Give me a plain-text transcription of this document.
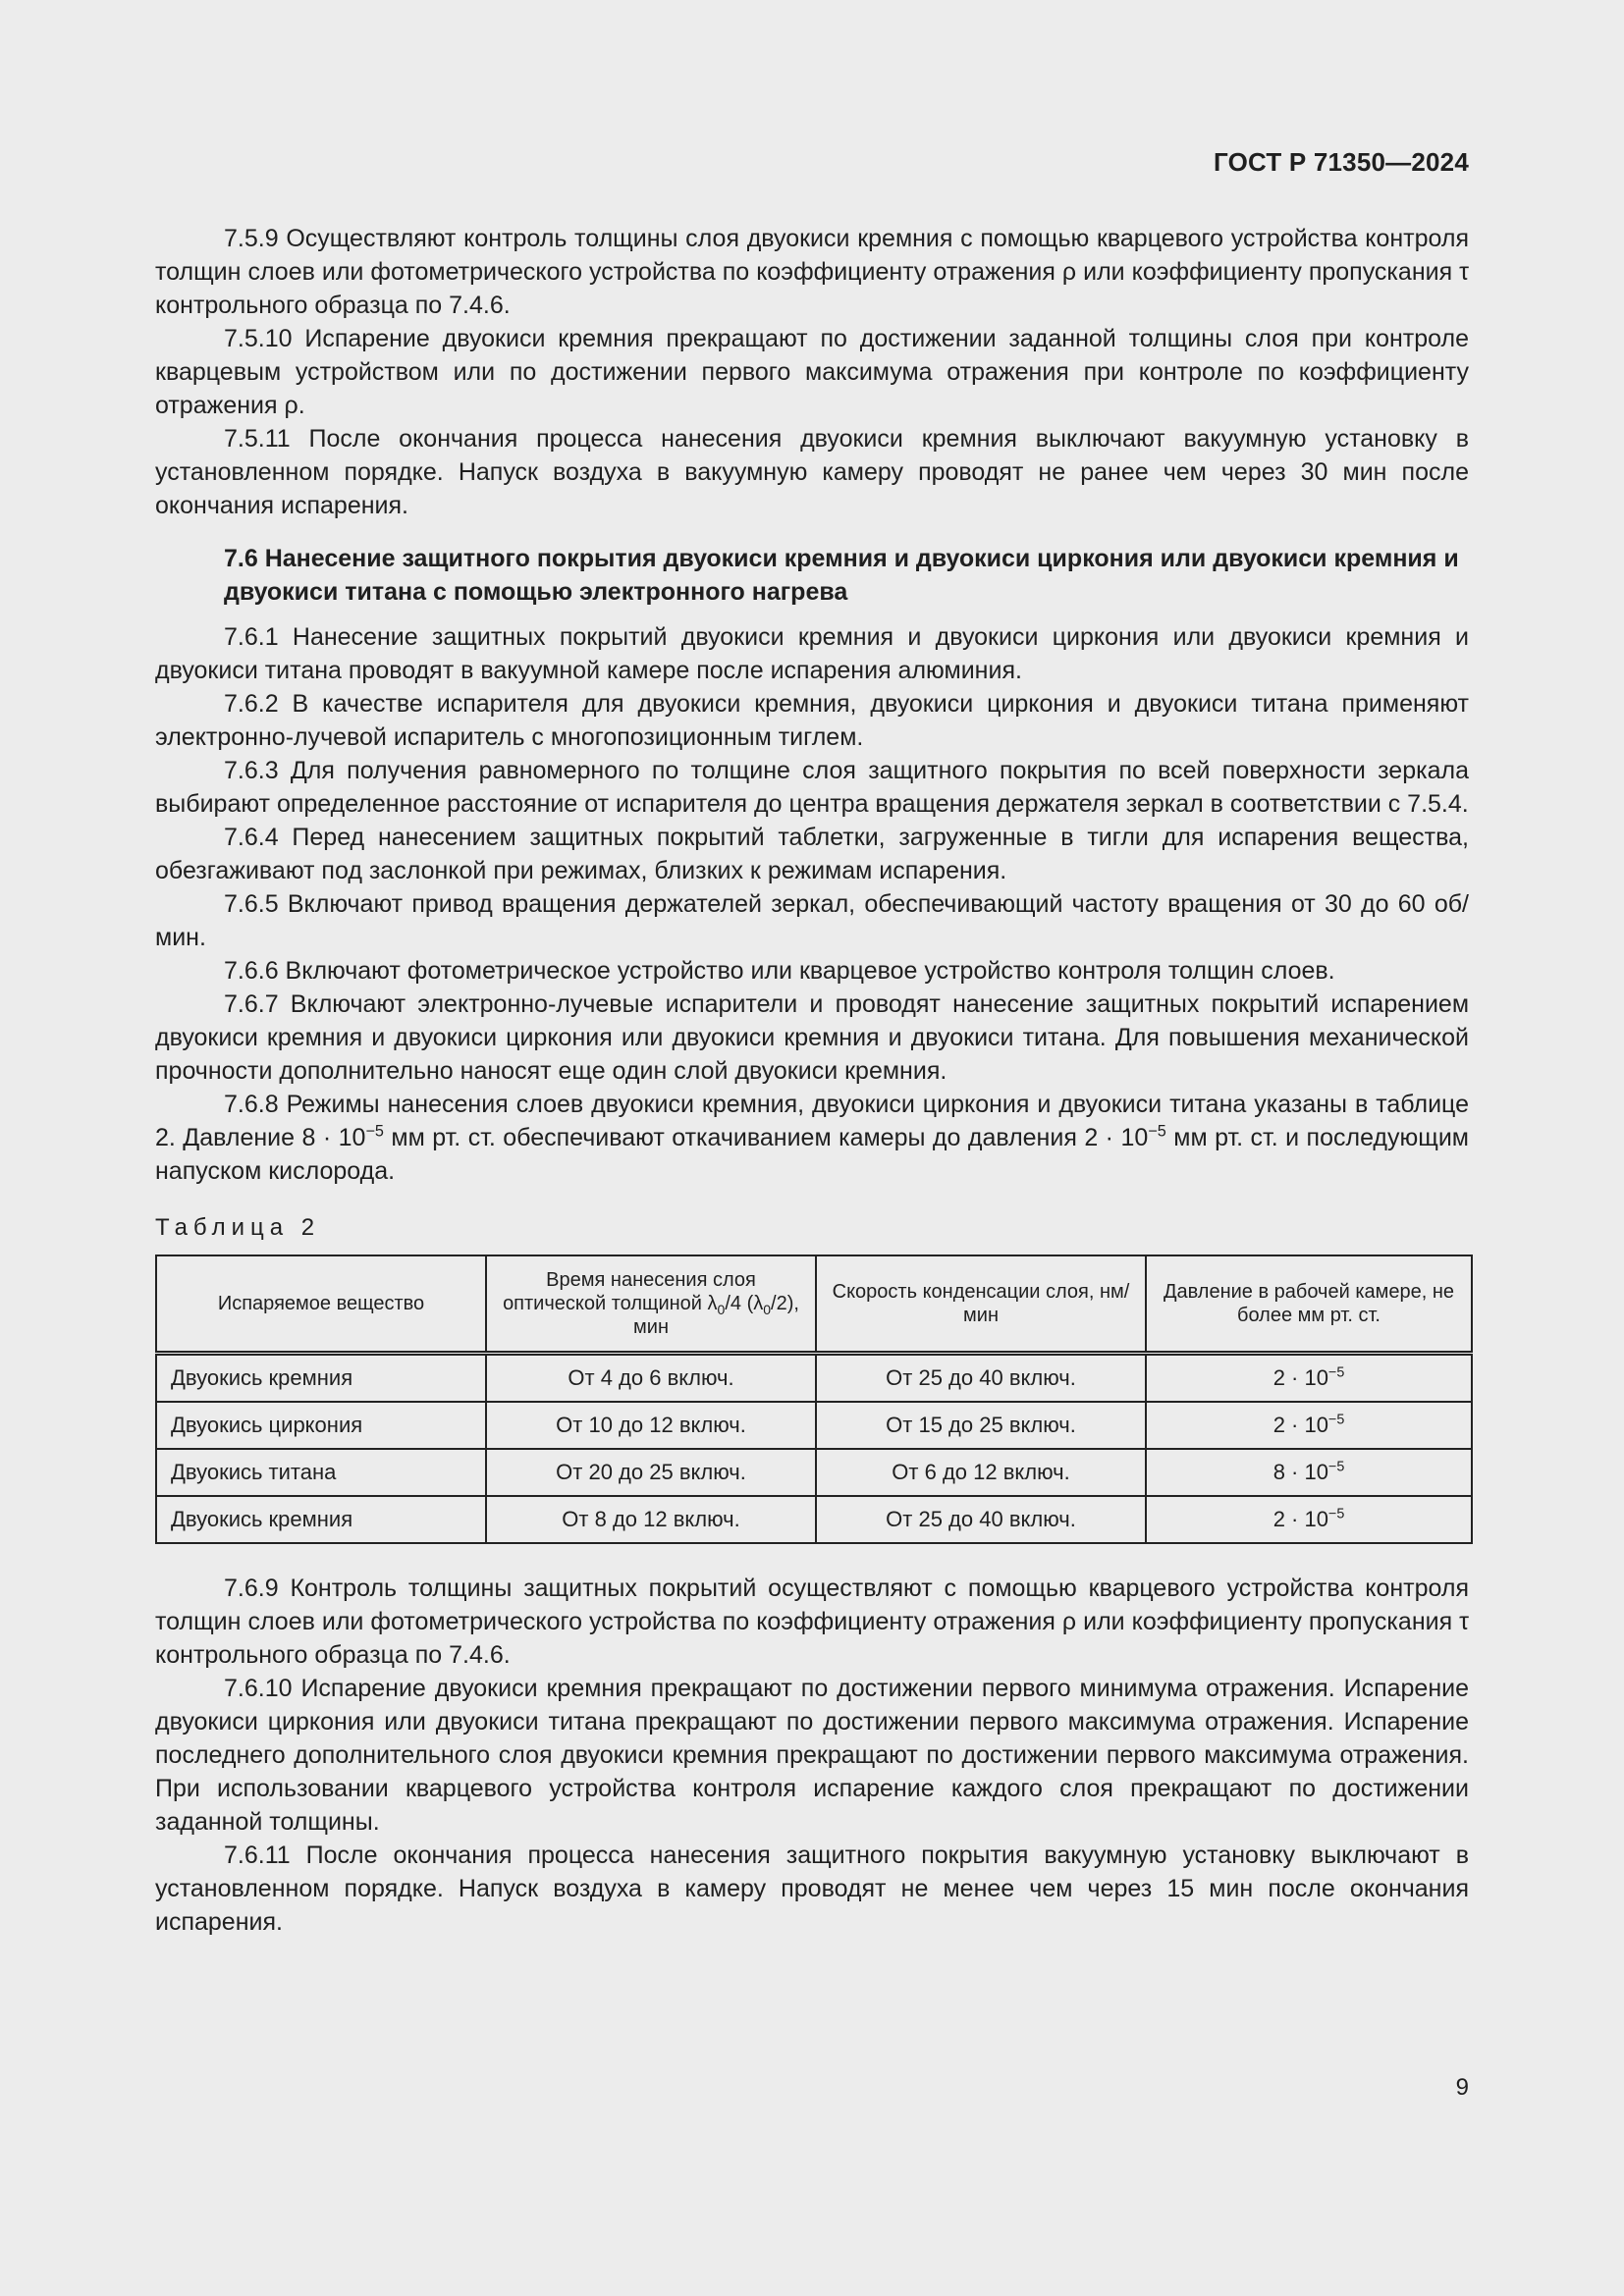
ГОСТ Р 71350—2024

7.5.9 Осуществляют контроль толщины слоя двуокиси кремния с помощью кварцевого устройства контроля толщин слоев или фотометрического устройства по коэффициенту отражения ρ или коэффициенту пропускания τ контрольного образца по 7.4.6.

7.5.10 Испарение двуокиси кремния прекращают по достижении заданной толщины слоя при контроле кварцевым устройством или по достижении первого максимума отражения при контроле по коэффициенту отражения ρ.

7.5.11 После окончания процесса нанесения двуокиси кремния выключают вакуумную установку в установленном порядке. Напуск воздуха в вакуумную камеру проводят не ранее чем через 30 мин после окончания испарения.

7.6 Нанесение защитного покрытия двуокиси кремния и двуокиси циркония или двуокиси кремния и двуокиси титана с помощью электронного нагрева

7.6.1 Нанесение защитных покрытий двуокиси кремния и двуокиси циркония или двуокиси кремния и двуокиси титана проводят в вакуумной камере после испарения алюминия.

7.6.2 В качестве испарителя для двуокиси кремния, двуокиси циркония и двуокиси титана применяют электронно-лучевой испаритель с многопозиционным тиглем.

7.6.3 Для получения равномерного по толщине слоя защитного покрытия по всей поверхности зеркала выбирают определенное расстояние от испарителя до центра вращения держателя зеркал в соответствии с 7.5.4.

7.6.4 Перед нанесением защитных покрытий таблетки, загруженные в тигли для испарения вещества, обезгаживают под заслонкой при режимах, близких к режимам испарения.

7.6.5 Включают привод вращения держателей зеркал, обеспечивающий частоту вращения от 30 до 60 об/мин.

7.6.6 Включают фотометрическое устройство или кварцевое устройство контроля толщин слоев.

7.6.7 Включают электронно-лучевые испарители и проводят нанесение защитных покрытий испарением двуокиси кремния и двуокиси циркония или двуокиси кремния и двуокиси титана. Для повышения механической прочности дополнительно наносят еще один слой двуокиси кремния.

7.6.8 Режимы нанесения слоев двуокиси кремния, двуокиси циркония и двуокиси титана указаны в таблице 2. Давление $8 \cdot 10^{-5}$ мм рт. ст. обеспечивают откачиванием камеры до давления $2 \cdot 10^{-5}$ мм рт. ст. и последующим напуском кислорода.

Таблица 2
Испаряемое вещество	Время нанесения слоя оптической толщиной $\lambda_0/4$ $(\lambda_0/2)$, мин	Скорость конденсации слоя, нм/мин	Давление в рабочей камере, не более мм рт. ст.
Двуокись кремния	От 4 до 6 включ.	От 25 до 40 включ.	$2 \cdot 10^{-5}$
Двуокись циркония	От 10 до 12 включ.	От 15 до 25 включ.	$2 \cdot 10^{-5}$
Двуокись титана	От 20 до 25 включ.	От 6 до 12 включ.	$8 \cdot 10^{-5}$
Двуокись кремния	От 8 до 12 включ.	От 25 до 40 включ.	$2 \cdot 10^{-5}$

7.6.9 Контроль толщины защитных покрытий осуществляют с помощью кварцевого устройства контроля толщин слоев или фотометрического устройства по коэффициенту отражения ρ или коэффициенту пропускания τ контрольного образца по 7.4.6.

7.6.10 Испарение двуокиси кремния прекращают по достижении первого минимума отражения. Испарение двуокиси циркония или двуокиси титана прекращают по достижении первого максимума отражения. Испарение последнего дополнительного слоя двуокиси кремния прекращают по достижении первого максимума отражения. При использовании кварцевого устройства контроля испарение каждого слоя прекращают по достижении заданной толщины.

7.6.11 После окончания процесса нанесения защитного покрытия вакуумную установку выключают в установленном порядке. Напуск воздуха в камеру проводят не менее чем через 15 мин после окончания испарения.

9
